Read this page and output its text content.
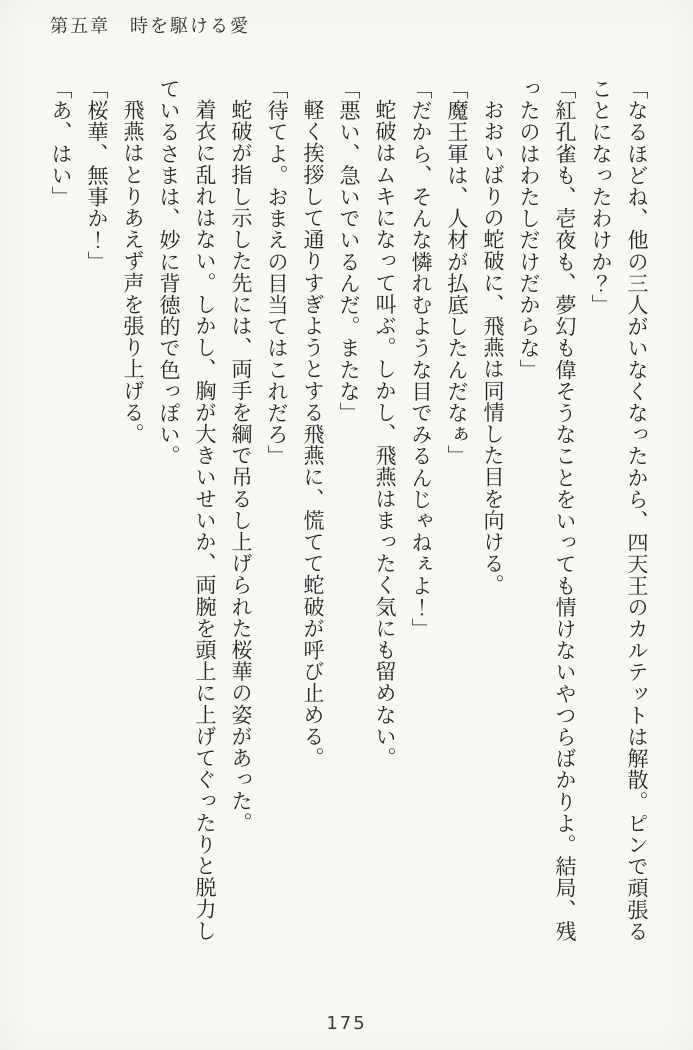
第五章　時を駆ける愛

「なるほどね、他の三人がいなくなったから、四天王のカルテットは解散。ピンで頑張ることになったわけか？」

「紅孔雀も、壱夜も、夢幻も偉そうなことをいっても情けないやつらばかりよ。結局、残ったのはわたしだけだからな」

おおいばりの蛇破に、飛燕は同情した目を向ける。

「魔王軍は、人材が払底したんだなぁ」

「だから、そんな憐れむような目でみるんじゃねぇよ！」

蛇破はムキになって叫ぶ。しかし、飛燕はまったく気にも留めない。

「悪い、急いでいるんだ。またな」

軽く挨拶して通りすぎようとする飛燕に、慌てて蛇破が呼び止める。

「待てよ。おまえの目当てはこれだろ」

蛇破が指し示した先には、両手を綱で吊るし上げられた桜華の姿があった。

着衣に乱れはない。しかし、胸が大きいせいか、両腕を頭上に上げてぐったりと脱力しているさまは、妙に背徳的で色っぽい。

飛燕はとりあえず声を張り上げる。

「桜華、無事か！」

「あ、はい」

175
